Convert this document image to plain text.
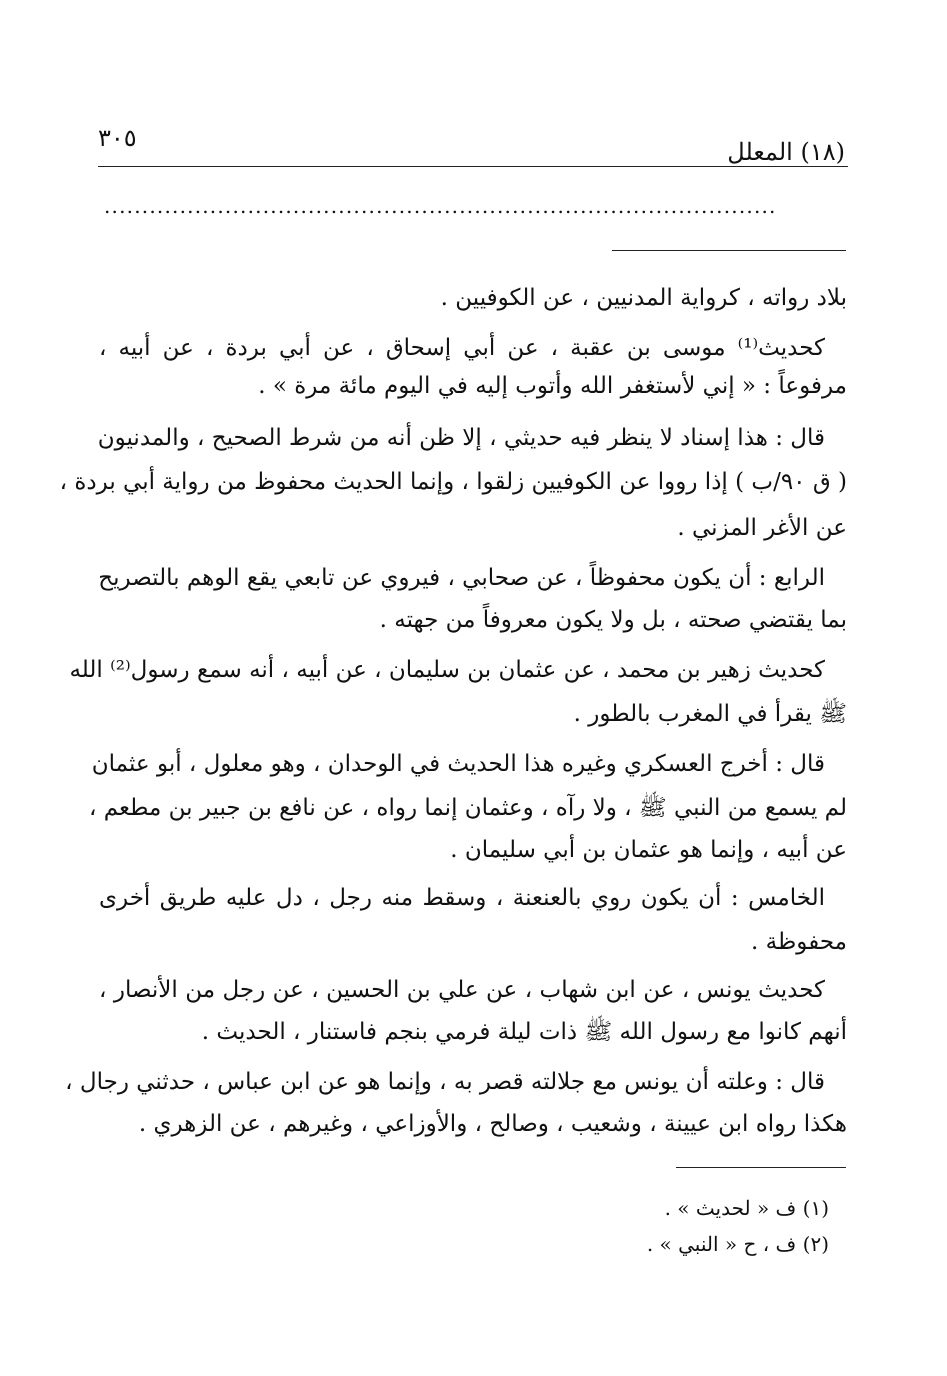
(١٨) المعلل
٣٠٥
.........................................................................................
بلاد رواته ، كرواية المدنيين ، عن الكوفيين .
كحديث⁽¹⁾ موسى بن عقبة ، عن أبي إسحاق ، عن أبي بردة ، عن أبيه ،
مرفوعاً : « إني لأستغفر الله وأتوب إليه في اليوم مائة مرة » .
قال : هذا إسناد لا ينظر فيه حديثي ، إلا ظن أنه من شرط الصحيح ، والمدنيون
( ق ٩٠/ب ) إذا رووا عن الكوفيين زلقوا ، وإنما الحديث محفوظ من رواية أبي بردة ،
عن الأغر المزني .
الرابع : أن يكون محفوظاً ، عن صحابي ، فيروي عن تابعي يقع الوهم بالتصريح
بما يقتضي صحته ، بل ولا يكون معروفاً من جهته .
كحديث زهير بن محمد ، عن عثمان بن سليمان ، عن أبيه ، أنه سمع رسول⁽²⁾ الله
ﷺ يقرأ في المغرب بالطور .
قال : أخرج العسكري وغيره هذا الحديث في الوحدان ، وهو معلول ، أبو عثمان
لم يسمع من النبي ﷺ ، ولا رآه ، وعثمان إنما رواه ، عن نافع بن جبير بن مطعم ،
عن أبيه ، وإنما هو عثمان بن أبي سليمان .
الخامس : أن يكون روي بالعنعنة ، وسقط منه رجل ، دل عليه طريق أخرى
محفوظة .
كحديث يونس ، عن ابن شهاب ، عن علي بن الحسين ، عن رجل من الأنصار ،
أنهم كانوا مع رسول الله ﷺ ذات ليلة فرمي بنجم فاستنار ، الحديث .
قال : وعلته أن يونس مع جلالته قصر به ، وإنما هو عن ابن عباس ، حدثني رجال ،
هكذا رواه ابن عيينة ، وشعيب ، وصالح ، والأوزاعي ، وغيرهم ، عن الزهري .
(١) ف « لحديث » .
(٢) ف ، ح « النبي » .
